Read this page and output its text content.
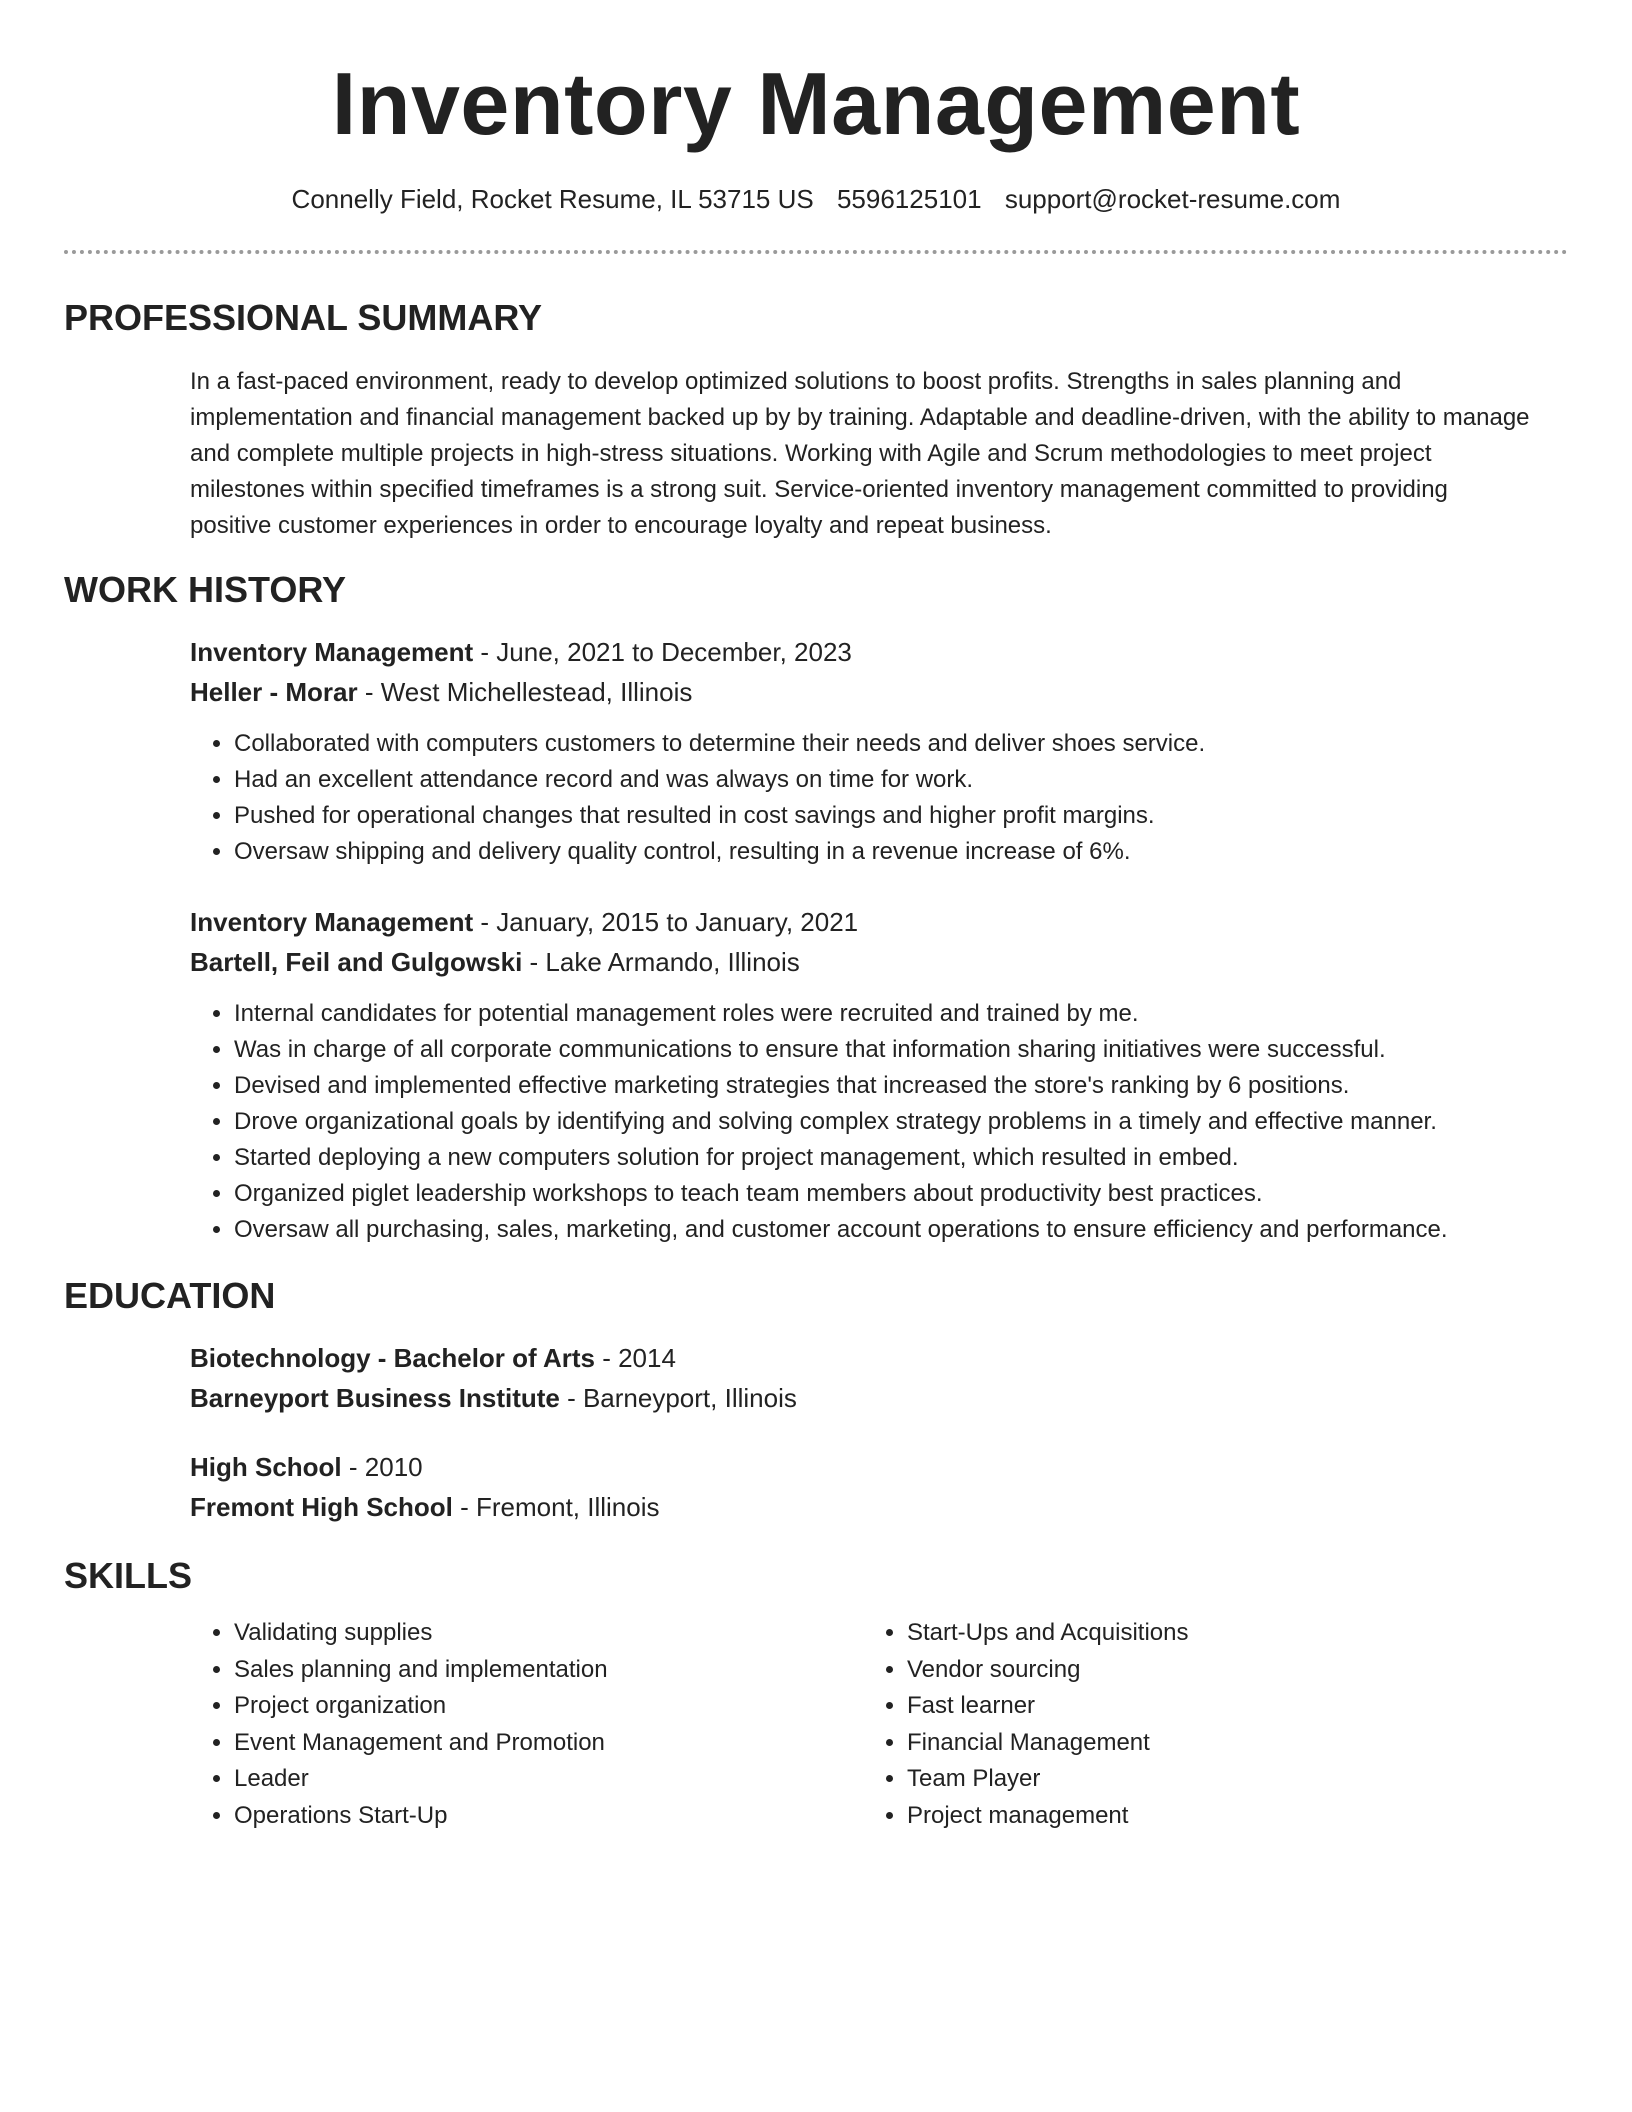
Inventory Management
Connelly Field, Rocket Resume, IL 53715 US 5596125101 support@rocket-resume.com
PROFESSIONAL SUMMARY

In a fast-paced environment, ready to develop optimized solutions to boost profits. Strengths in sales planning and implementation and financial management backed up by by training. Adaptable and deadline-driven, with the ability to manage and complete multiple projects in high-stress situations. Working with Agile and Scrum methodologies to meet project milestones within specified timeframes is a strong suit. Service-oriented inventory management committed to providing positive customer experiences in order to encourage loyalty and repeat business.

WORK HISTORY
Inventory Management - June, 2021 to December, 2023
Heller - Morar - West Michellestead, Illinois
• Collaborated with computers customers to determine their needs and deliver shoes service.
• Had an excellent attendance record and was always on time for work.
• Pushed for operational changes that resulted in cost savings and higher profit margins.
• Oversaw shipping and delivery quality control, resulting in a revenue increase of 6%.
Inventory Management - January, 2015 to January, 2021
Bartell, Feil and Gulgowski - Lake Armando, Illinois
• Internal candidates for potential management roles were recruited and trained by me.
• Was in charge of all corporate communications to ensure that information sharing initiatives were successful.
• Devised and implemented effective marketing strategies that increased the store's ranking by 6 positions.
• Drove organizational goals by identifying and solving complex strategy problems in a timely and effective manner.
• Started deploying a new computers solution for project management, which resulted in embed.
• Organized piglet leadership workshops to teach team members about productivity best practices.
• Oversaw all purchasing, sales, marketing, and customer account operations to ensure efficiency and performance.
EDUCATION
Biotechnology - Bachelor of Arts - 2014
Barneyport Business Institute - Barneyport, Illinois
High School - 2010
Fremont High School - Fremont, Illinois
SKILLS
• Validating supplies
• Sales planning and implementation
• Project organization
• Event Management and Promotion
• Leader
• Operations Start-Up
• Start-Ups and Acquisitions
• Vendor sourcing
• Fast learner
• Financial Management
• Team Player
• Project management
